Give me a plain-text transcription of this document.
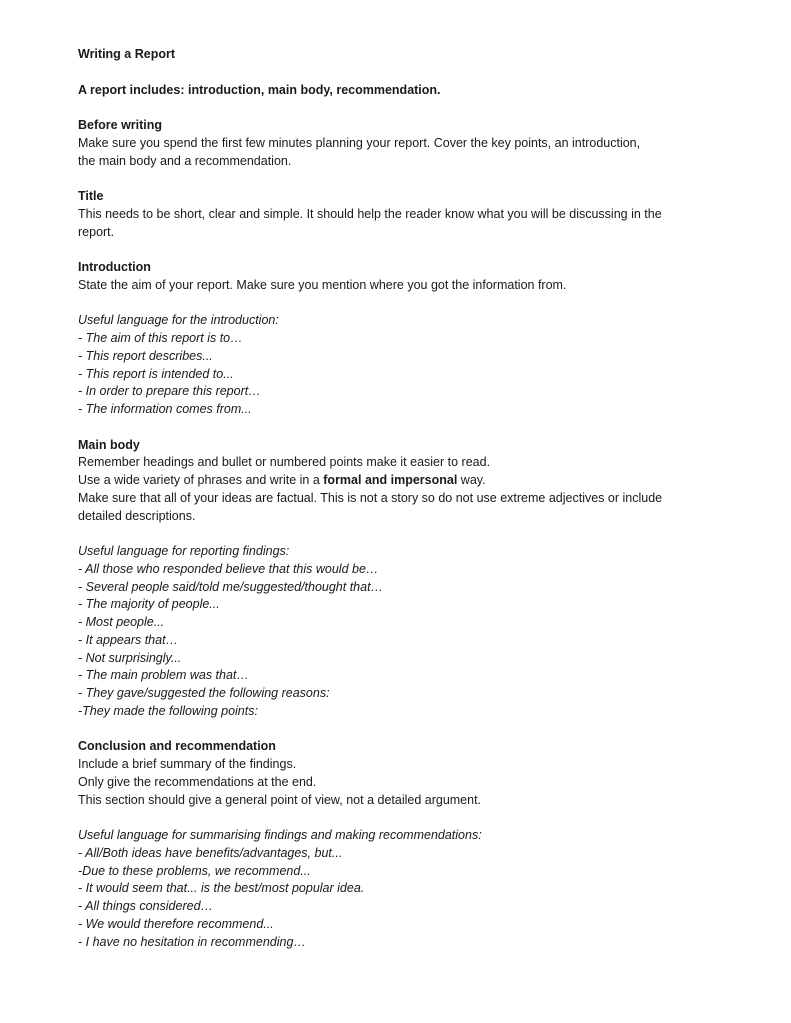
Writing a Report
A report includes: introduction, main body, recommendation.
Before writing
Make sure you spend the first few minutes planning your report. Cover the key points, an introduction,
the main body and a recommendation.
Title
This needs to be short, clear and simple. It should help the reader know what you will be discussing in the
report.
Introduction
State the aim of your report. Make sure you mention where you got the information from.
Useful language for the introduction:
- The aim of this report is to…
- This report describes...
- This report is intended to...
- In order to prepare this report…
- The information comes from...
Main body
Remember headings and bullet or numbered points make it easier to read.
Use a wide variety of phrases and write in a formal and impersonal way.
Make sure that all of your ideas are factual. This is not a story so do not use extreme adjectives or include
detailed descriptions.
Useful language for reporting findings:
- All those who responded believe that this would be…
- Several people said/told me/suggested/thought that…
- The majority of people...
- Most people...
- It appears that…
- Not surprisingly...
- The main problem was that…
- They gave/suggested the following reasons:
-They made the following points:
Conclusion and recommendation
Include a brief summary of the findings.
Only give the recommendations at the end.
This section should give a general point of view, not a detailed argument.
Useful language for summarising findings and making recommendations:
- All/Both ideas have benefits/advantages, but...
-Due to these problems, we recommend...
- It would seem that... is the best/most popular idea.
- All things considered…
- We would therefore recommend...
- I have no hesitation in recommending…
